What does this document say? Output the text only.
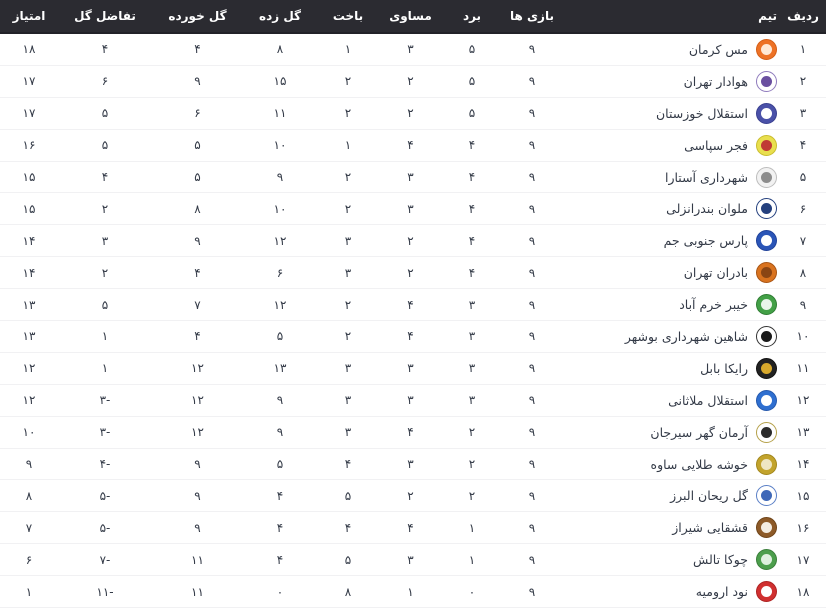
ردیف
تیم
بازی ها
برد
مساوی
باخت
گل زده
گل خورده
تفاضل گل
امتیاز
۱
مس کرمان
۹
۵
۳
۱
۸
۴
۴
۱۸
۲
هوادار تهران
۹
۵
۲
۲
۱۵
۹
۶
۱۷
۳
استقلال خوزستان
۹
۵
۲
۲
۱۱
۶
۵
۱۷
۴
فجر سپاسی
۹
۴
۴
۱
۱۰
۵
۵
۱۶
۵
شهرداری آستارا
۹
۴
۳
۲
۹
۵
۴
۱۵
۶
ملوان بندرانزلی
۹
۴
۳
۲
۱۰
۸
۲
۱۵
۷
پارس جنوبی جم
۹
۴
۲
۳
۱۲
۹
۳
۱۴
۸
بادران تهران
۹
۴
۲
۳
۶
۴
۲
۱۴
۹
خیبر خرم آباد
۹
۳
۴
۲
۱۲
۷
۵
۱۳
۱۰
شاهین شهرداری بوشهر
۹
۳
۴
۲
۵
۴
۱
۱۳
۱۱
رایکا بابل
۹
۳
۳
۳
۱۳
۱۲
۱
۱۲
۱۲
استقلال ملاثانی
۹
۳
۳
۳
۹
۱۲
۳-
۱۲
۱۳
آرمان گهر سیرجان
۹
۲
۴
۳
۹
۱۲
۳-
۱۰
۱۴
خوشه طلایی ساوه
۹
۲
۳
۴
۵
۹
۴-
۹
۱۵
گل ریحان البرز
۹
۲
۲
۵
۴
۹
۵-
۸
۱۶
قشقایی شیراز
۹
۱
۴
۴
۴
۹
۵-
۷
۱۷
چوکا تالش
۹
۱
۳
۵
۴
۱۱
۷-
۶
۱۸
نود ارومیه
۹
۰
۱
۸
۰
۱۱
۱۱-
۱
